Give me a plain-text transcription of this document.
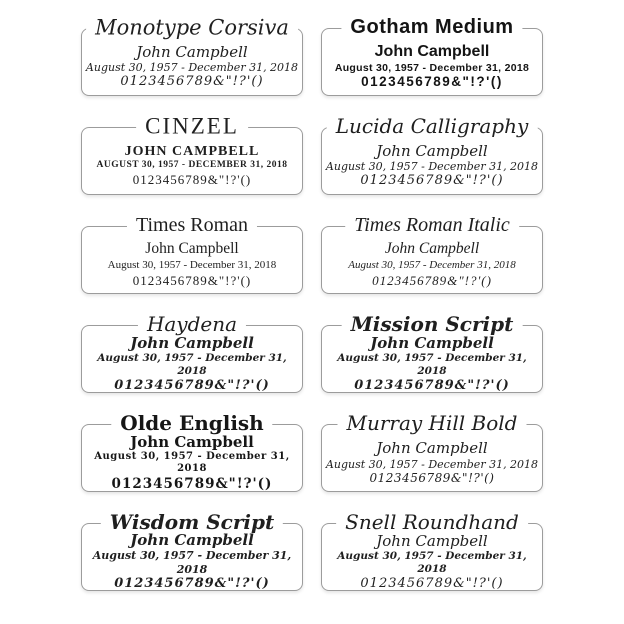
Monotype Corsiva
John Campbell
August 30, 1957 - December 31, 2018
0123456789&"!?'()
Gotham Medium
John Campbell
August 30, 1957 - December 31, 2018
0123456789&"!?'()
CINZEL
JOHN CAMPBELL
AUGUST 30, 1957 - DECEMBER 31, 2018
0123456789&"!?'()
Lucida Calligraphy
John Campbell
August 30, 1957 - December 31, 2018
0123456789&"!?'()
Times Roman
John Campbell
August 30, 1957 - December 31, 2018
0123456789&"!?'()
Times Roman Italic
John Campbell
August 30, 1957 - December 31, 2018
0123456789&"!?'()
Haydena
John Campbell
August 30, 1957 - December 31, 2018
0123456789&"!?'()
Mission Script
John Campbell
August 30, 1957 - December 31, 2018
0123456789&"!?'()
Olde English
John Campbell
August 30, 1957 - December 31, 2018
0123456789&"!?'()
Murray Hill Bold
John Campbell
August 30, 1957 - December 31, 2018
0123456789&"!?'()
Wisdom Script
John Campbell
August 30, 1957 - December 31, 2018
0123456789&"!?'()
Snell Roundhand
John Campbell
August 30, 1957 - December 31, 2018
0123456789&"!?'()
